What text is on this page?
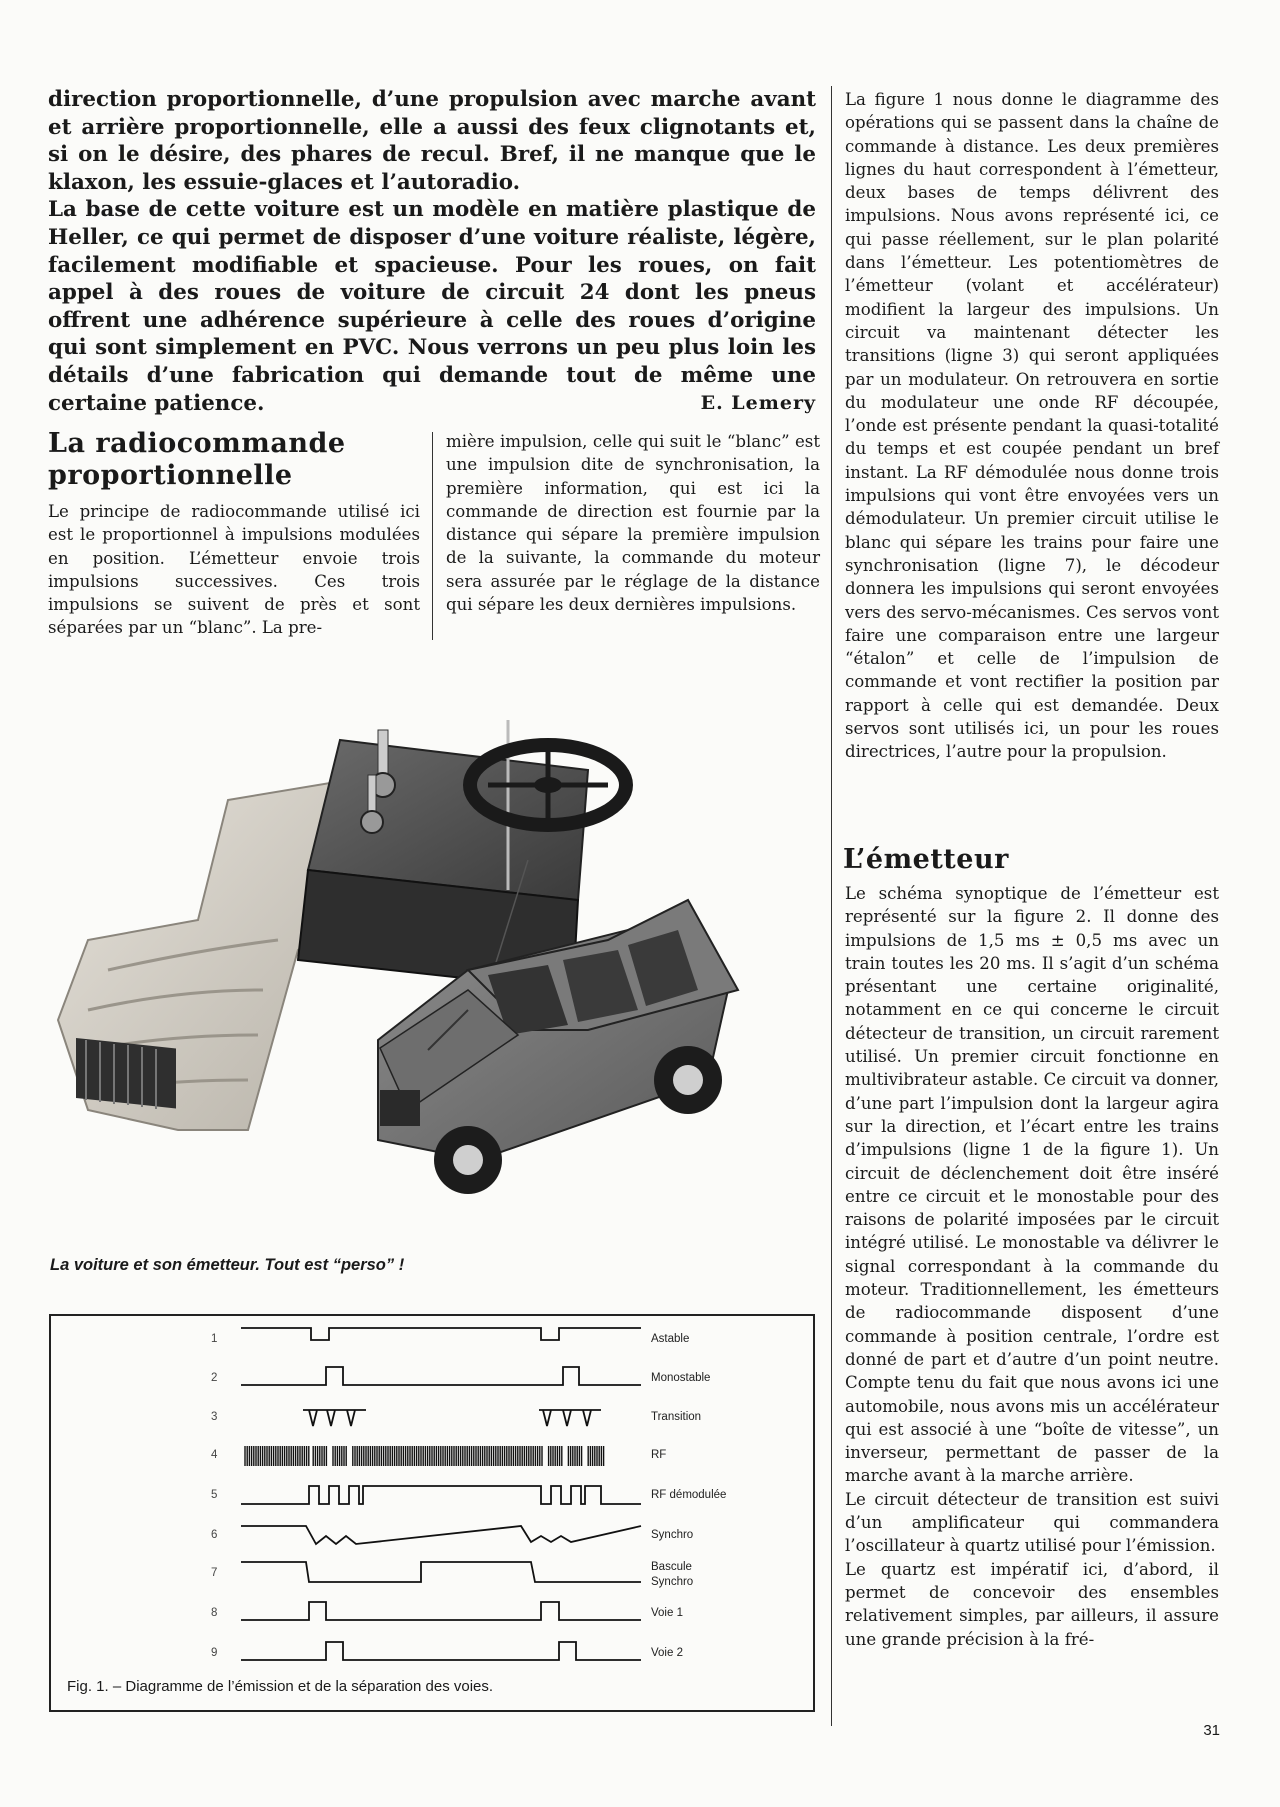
direction proportionnelle, d’une propulsion avec marche avant et arrière proportionnelle, elle a aussi des feux clignotants et, si on le désire, des phares de recul. Bref, il ne manque que le klaxon, les essuie-glaces et l’autoradio.

La base de cette voiture est un modèle en matière plastique de Heller, ce qui permet de disposer d’une voiture réaliste, légère, facilement modifiable et spacieuse. Pour les roues, on fait appel à des roues de voiture de circuit 24 dont les pneus offrent une adhérence supérieure à celle des roues d’origine qui sont simplement en PVC. Nous verrons un peu plus loin les détails d’une fabrication qui demande tout de même une certaine patience.	E. Lemery
La radiocommande proportionnelle

Le principe de radiocommande utilisé ici est le proportionnel à impulsions modulées en position. L’émetteur envoie trois impulsions successives. Ces trois impulsions se suivent de près et sont séparées par un “blanc”. La pre-

mière impulsion, celle qui suit le “blanc” est une impulsion dite de synchronisation, la première information, qui est ici la commande de direction est fournie par la distance qui sépare la première impulsion de la suivante, la commande du moteur sera assurée par le réglage de la distance qui sépare les deux dernières impulsions.

La figure 1 nous donne le diagramme des opérations qui se passent dans la chaîne de commande à distance. Les deux premières lignes du haut correspondent à l’émetteur, deux bases de temps délivrent des impulsions. Nous avons représenté ici, ce qui passe réellement, sur le plan polarité dans l’émetteur. Les potentiomètres de l’émetteur (volant et accélérateur) modifient la largeur des impulsions. Un circuit va maintenant détecter les transitions (ligne 3) qui seront appliquées par un modulateur. On retrouvera en sortie du modulateur une onde RF découpée, l’onde est présente pendant la quasi-totalité du temps et est coupée pendant un bref instant. La RF démodulée nous donne trois impulsions qui vont être envoyées vers un démodulateur. Un premier circuit utilise le blanc qui sépare les trains pour faire une synchronisation (ligne 7), le décodeur donnera les impulsions qui seront envoyées vers des servo-mécanismes. Ces servos vont faire une comparaison entre une largeur “étalon” et celle de l’impulsion de commande et vont rectifier la position par rapport à celle qui est demandée. Deux servos sont utilisés ici, un pour les roues directrices, l’autre pour la propulsion.

L’émetteur

Le schéma synoptique de l’émetteur est représenté sur la figure 2. Il donne des impulsions de 1,5 ms ± 0,5 ms avec un train toutes les 20 ms. Il s’agit d’un schéma présentant une certaine originalité, notamment en ce qui concerne le circuit détecteur de transition, un circuit rarement utilisé. Un premier circuit fonctionne en multivibrateur astable. Ce circuit va donner, d’une part l’impulsion dont la largeur agira sur la direction, et l’écart entre les trains d’impulsions (ligne 1 de la figure 1). Un circuit de déclenchement doit être inséré entre ce circuit et le monostable pour des raisons de polarité imposées par le circuit intégré utilisé. Le monostable va délivrer le signal correspondant à la commande du moteur. Traditionnellement, les émetteurs de radiocommande disposent d’une commande à position centrale, l’ordre est donné de part et d’autre d’un point neutre. Compte tenu du fait que nous avons ici une automobile, nous avons mis un accélérateur qui est associé à une “boîte de vitesse”, un inverseur, permettant de passer de la marche avant à la marche arrière.

Le circuit détecteur de transition est suivi d’un amplificateur qui commandera l’oscillateur à quartz utilisé pour l’émission.

Le quartz est impératif ici, d’abord, il permet de concevoir des ensembles relativement simples, par ailleurs, il assure une grande précision à la fré-

La voiture et son émetteur. Tout est “perso” !
1	Astable
2	Monostable
3	Transition
4	RF
5	RF démodulée
6	Synchro
7	Bascule
Synchro
8	Voie 1
9	Voie 2
Fig. 1. – Diagramme de l’émission et de la séparation des voies.
31
